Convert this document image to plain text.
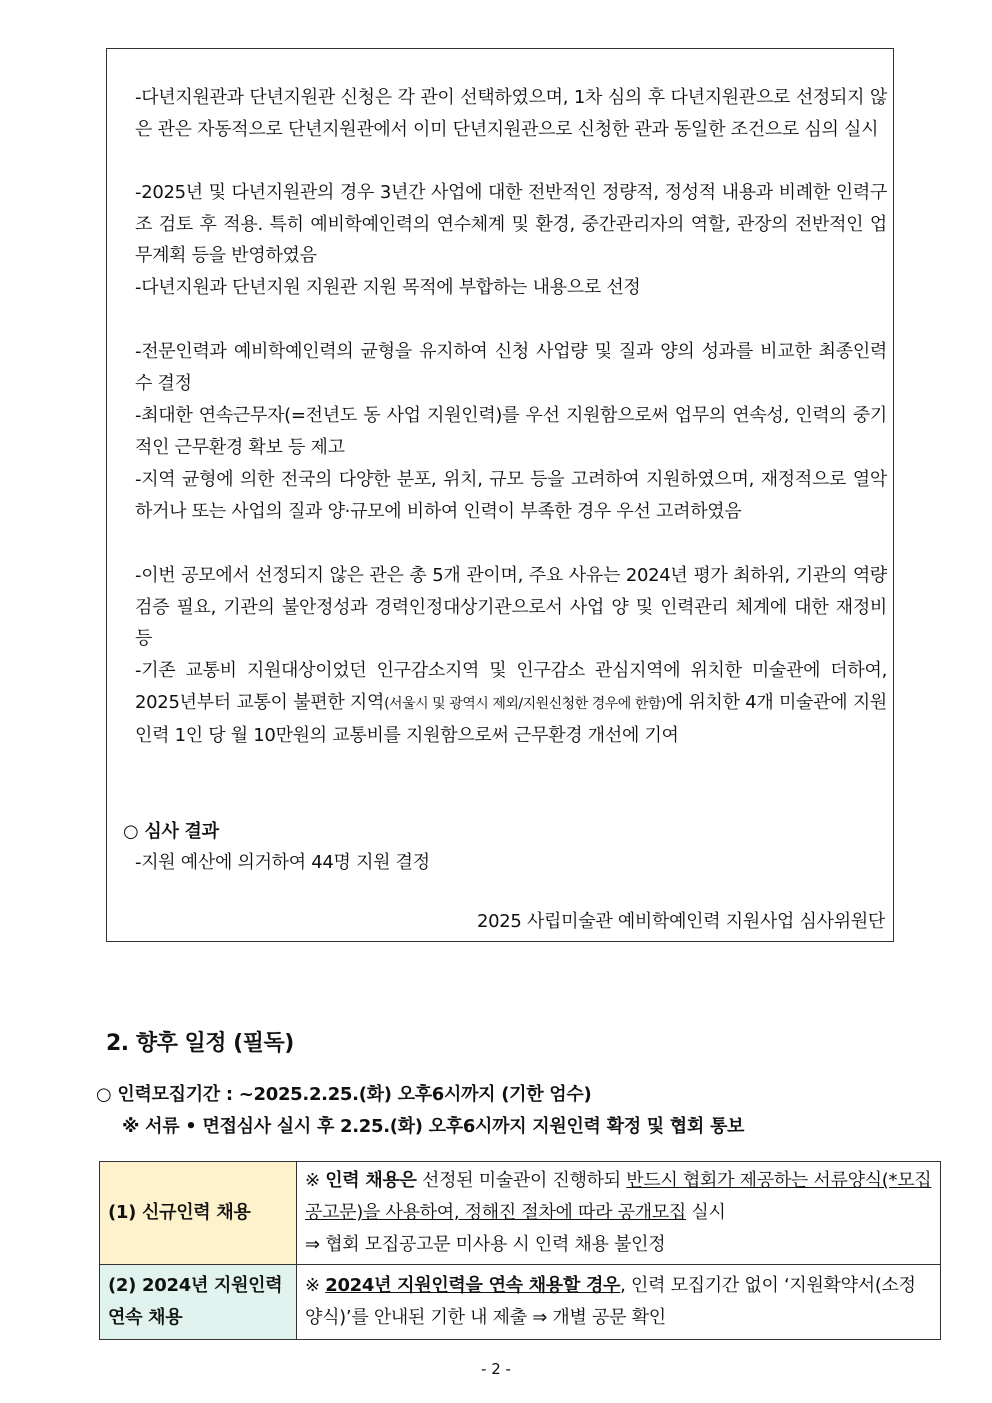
-다년지원관과 단년지원관 신청은 각 관이 선택하였으며, 1차 심의 후 다년지원관으로 선정되지 않은 관은 자동적으로 단년지원관에서 이미 단년지원관으로 신청한 관과 동일한 조건으로 심의 실시

-2025년 및 다년지원관의 경우 3년간 사업에 대한 전반적인 정량적, 정성적 내용과 비례한 인력구조 검토 후 적용. 특히 예비학예인력의 연수체계 및 환경, 중간관리자의 역할, 관장의 전반적인 업무계획 등을 반영하였음

-다년지원과 단년지원 지원관 지원 목적에 부합하는 내용으로 선정

-전문인력과 예비학예인력의 균형을 유지하여 신청 사업량 및 질과 양의 성과를 비교한 최종인력 수 결정

-최대한 연속근무자(=전년도 동 사업 지원인력)를 우선 지원함으로써 업무의 연속성, 인력의 중기적인 근무환경 확보 등 제고

-지역 균형에 의한 전국의 다양한 분포, 위치, 규모 등을 고려하여 지원하였으며, 재정적으로 열악하거나 또는 사업의 질과 양·규모에 비하여 인력이 부족한 경우 우선 고려하였음

-이번 공모에서 선정되지 않은 관은 총 5개 관이며, 주요 사유는 2024년 평가 최하위, 기관의 역량검증 필요, 기관의 불안정성과 경력인정대상기관으로서 사업 양 및 인력관리 체계에 대한 재정비 등

-기존 교통비 지원대상이었던 인구감소지역 및 인구감소 관심지역에 위치한 미술관에 더하여, 2025년부터 교통이 불편한 지역(서울시 및 광역시 제외/지원신청한 경우에 한함)에 위치한 4개 미술관에 지원인력 1인 당 월 10만원의 교통비를 지원함으로써 근무환경 개선에 기여

○ 심사 결과

-지원 예산에 의거하여 44명 지원 결정

2025 사립미술관 예비학예인력 지원사업 심사위원단
2. 향후 일정 (필독)
○ 인력모집기간 : ~2025.2.25.(화) 오후6시까지 (기한 엄수)
※ 서류 • 면접심사 실시 후 2.25.(화) 오후6시까지 지원인력 확정 및 협회 통보
(1) 신규인력 채용	※ 인력 채용은 선정된 미술관이 진행하되 반드시 협회가 제공하는 서류양식(*모집공고문)을 사용하여, 정해진 절차에 따라 공개모집 실시
⇒ 협회 모집공고문 미사용 시 인력 채용 불인정
(2) 2024년 지원인력 연속 채용	※ 2024년 지원인력을 연속 채용할 경우, 인력 모집기간 없이 ‘지원확약서(소정양식)’를 안내된 기한 내 제출 ⇒ 개별 공문 확인
- 2 -
